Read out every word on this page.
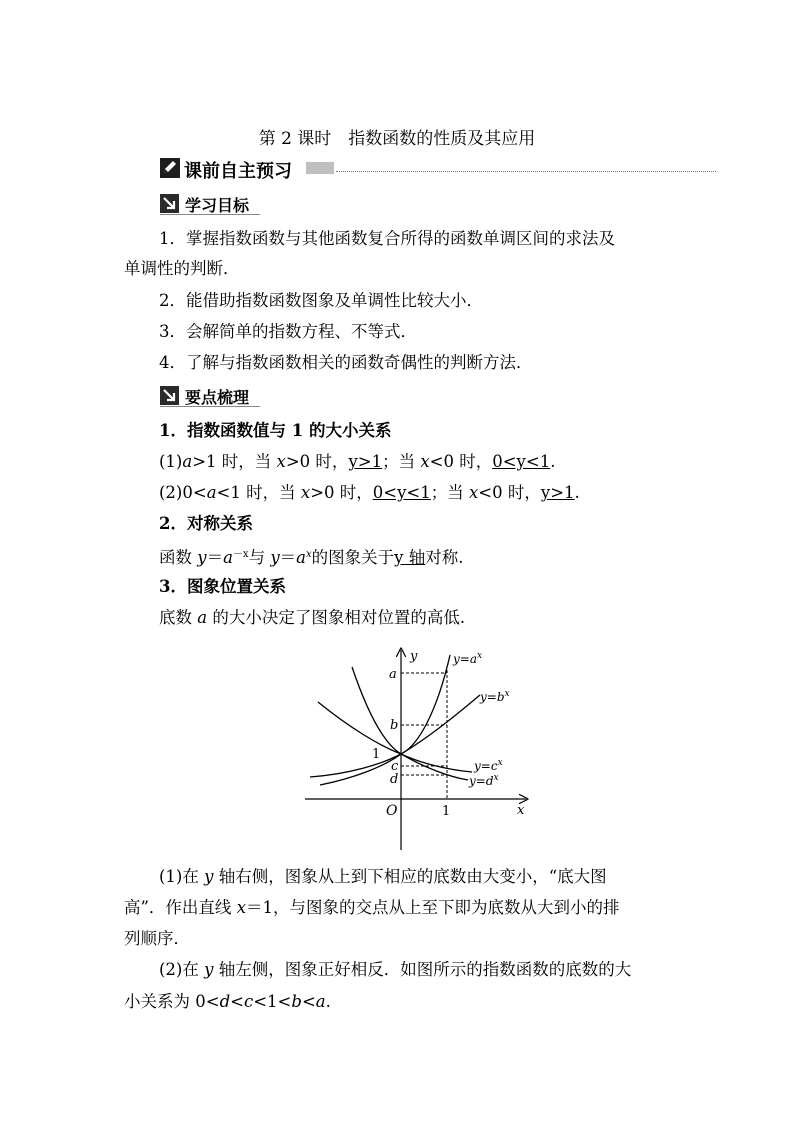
第 2 课时　指数函数的性质及其应用
课前自主预习
学习目标
1．掌握指数函数与其他函数复合所得的函数单调区间的求法及
单调性的判断．
2．能借助指数函数图象及单调性比较大小．
3．会解简单的指数方程、不等式．
4．了解与指数函数相关的函数奇偶性的判断方法．
要点梳理
1．指数函数值与 1 的大小关系
(1)a>1 时，当 x>0 时，y>1；当 x<0 时，0<y<1.
(2)0<a<1 时，当 x>0 时，0<y<1；当 x<0 时，y>1.
2．对称关系
函数 $y=a^{-x}$与 $y=a^x$的图象关于y 轴对称.
3．图象位置关系
底数 a 的大小决定了图象相对位置的高低.
y
x
O	1
1
a
b
c
d
$y=a^x$
$y=b^x$
$y=c^x$
$y=d^x$
(1)在 y 轴右侧，图象从上到下相应的底数由大变小，“底大图
高”．作出直线 x＝1，与图象的交点从上至下即为底数从大到小的排
列顺序．
(2)在 y 轴左侧，图象正好相反．如图所示的指数函数的底数的大
小关系为 0<d<c<1<b<a.
